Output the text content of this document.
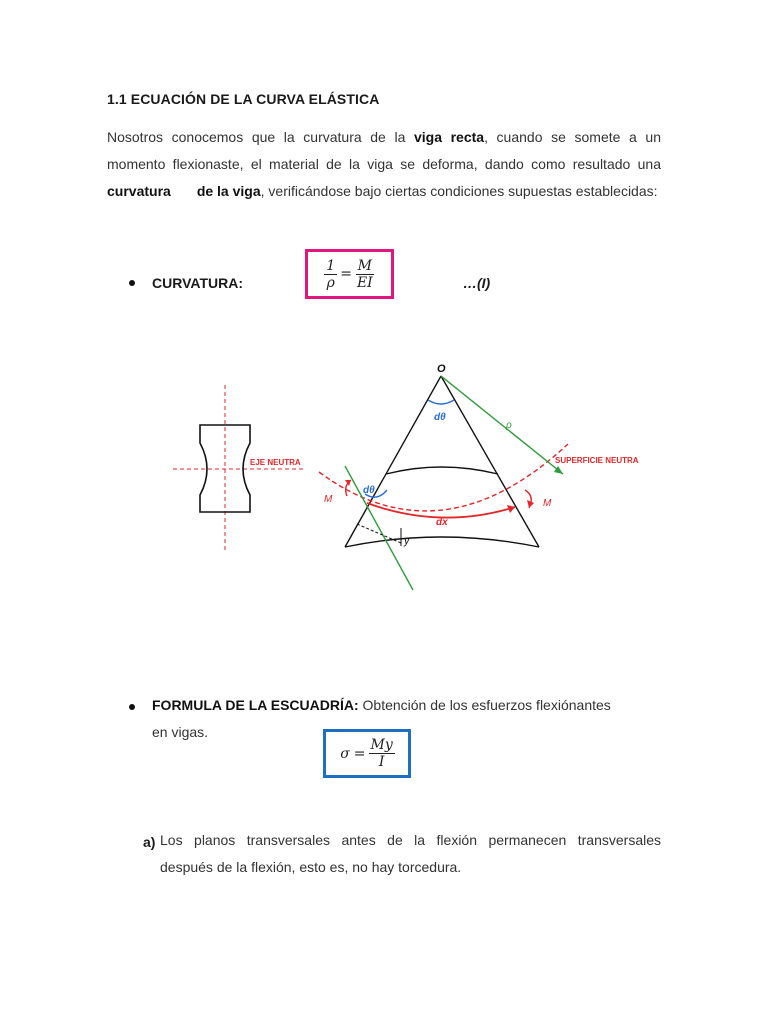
1.1 ECUACIÓN DE LA CURVA ELÁSTICA
Nosotros conocemos que la curvatura de la viga recta, cuando se somete a un momento flexionaste, el material de la viga se deforma, dando como resultado una curvatura de la viga, verificándose bajo ciertas condiciones supuestas establecidas:
CURVATURA:	$\frac{1}{\rho} = \frac{M}{EI}$	…(I)
EJE NEUTRA
O
dθ
ρ
SUPERFICIE NEUTRA
dθ
M	M
dx
y
FORMULA DE LA ESCUADRÍA: Obtención de los esfuerzos flexiónantes
en vigas.
$\sigma = \frac{My}{I}$
a) Los planos transversales antes de la flexión permanecen transversales
después de la flexión, esto es, no hay torcedura.
